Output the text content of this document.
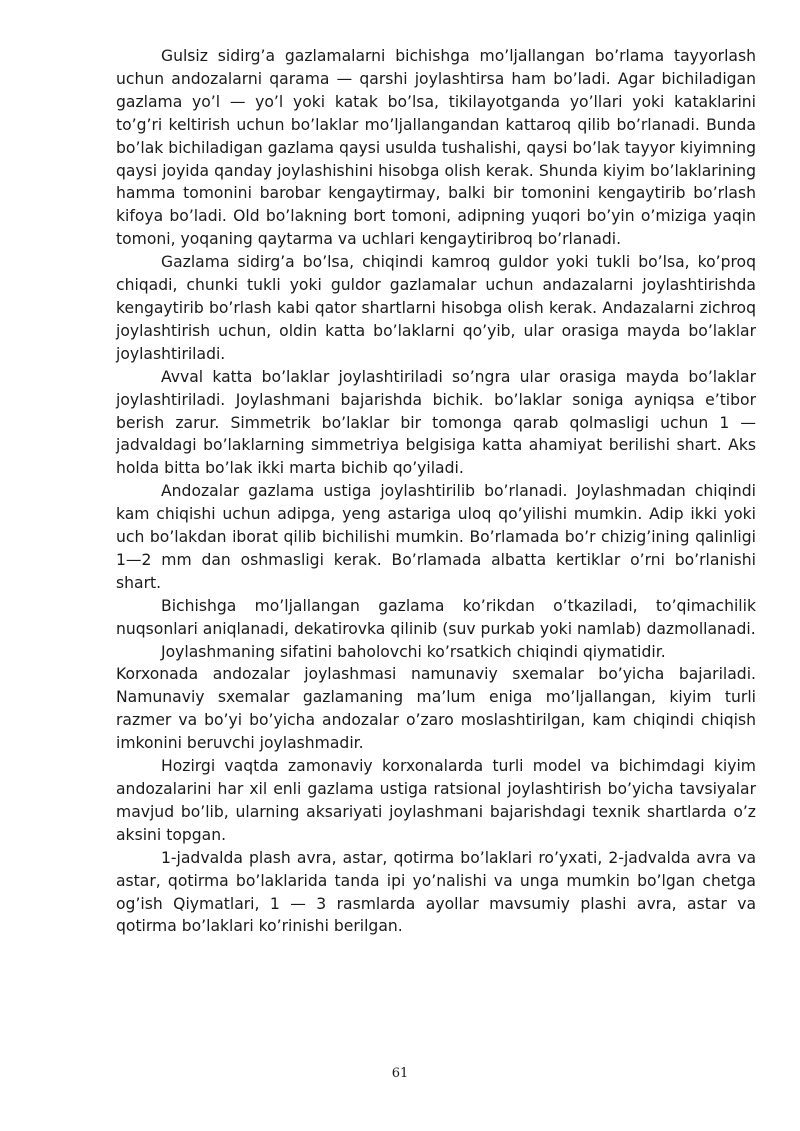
Gulsiz sidirg’a gazlamalarni bichishga mo’ljallangan bo’rlama tayyorlash uchun andozalarni qarama — qarshi joylashtirsa ham bo’ladi. Agar bichiladigan gazlama yo’l — yo’l yoki katak bo’lsa, tikilayotganda yo’llari yoki kataklarini to’g’ri keltirish uchun bo’laklar mo’ljallangandan kattaroq qilib bo’rlanadi. Bunda bo’lak bichiladigan gazlama qaysi usulda tushalishi, qaysi bo’lak tayyor kiyimning qaysi joyida qanday joylashishini hisobga olish kerak. Shunda kiyim bo’laklarining hamma tomonini barobar kengaytirmay, balki bir tomonini kengaytirib bo’rlash kifoya bo’ladi. Old bo’lakning bort tomoni, adipning yuqori bo’yin o’miziga yaqin tomoni, yoqaning qaytarma va uchlari kengaytiribroq bo’rlanadi.

Gazlama sidirg’a bo’lsa, chiqindi kamroq guldor yoki tukli bo’lsa, ko’proq chiqadi, chunki tukli yoki guldor gazlamalar uchun andazalarni joylashtirishda kengaytirib bo’rlash kabi qator shartlarni hisobga olish kerak. Andazalarni zichroq joylashtirish uchun, oldin katta bo’laklarni qo’yib, ular orasiga mayda bo’laklar joylashtiriladi.

Avval katta bo’laklar joylashtiriladi so’ngra ular orasiga mayda bo’laklar joylashtiriladi. Joylashmani bajarishda bichik. bo’laklar soniga ayniqsa e’tibor berish zarur. Simmetrik bo’laklar bir tomonga qarab qolmasligi uchun 1 — jadvaldagi bo’laklarning simmetriya belgisiga katta ahamiyat berilishi shart. Aks holda bitta bo’lak ikki marta bichib qo’yiladi.

Andozalar gazlama ustiga joylashtirilib bo’rlanadi. Joylashmadan chiqindi kam chiqishi uchun adipga, yeng astariga uloq qo’yilishi mumkin. Adip ikki yoki uch bo’lakdan iborat qilib bichilishi mumkin. Bo’rlamada bo’r chizig’ining qalinligi 1—2 mm dan oshmasligi kerak. Bo’rlamada albatta kertiklar o’rni bo’rlanishi shart.

Bichishga mo’ljallangan gazlama ko’rikdan o’tkaziladi, to’qimachilik nuqsonlari aniqlanadi, dekatirovka qilinib (suv purkab yoki namlab) dazmollanadi.

Joylashmaning sifatini baholovchi ko’rsatkich chiqindi qiymatidir.

Korxonada andozalar joylashmasi namunaviy sxemalar bo’yicha bajariladi. Namunaviy sxemalar gazlamaning ma’lum eniga mo’ljallangan, kiyim turli razmer va bo’yi bo’yicha andozalar o’zaro moslashtirilgan, kam chiqindi chiqish imkonini beruvchi joylashmadir.

Hozirgi vaqtda zamonaviy korxonalarda turli model va bichimdagi kiyim andozalarini har xil enli gazlama ustiga ratsional joylashtirish bo’yicha tavsiyalar mavjud bo’lib, ularning aksariyati joylashmani bajarishdagi texnik shartlarda o’z aksini topgan.

1-jadvalda plash avra, astar, qotirma bo’laklari ro’yxati, 2-jadvalda avra va astar, qotirma bo’laklarida tanda ipi yo’nalishi va unga mumkin bo’lgan chetga og’ish Qiymatlari, 1 — 3 rasmlarda ayollar mavsumiy plashi avra, astar va qotirma bo’laklari ko’rinishi berilgan.

61
